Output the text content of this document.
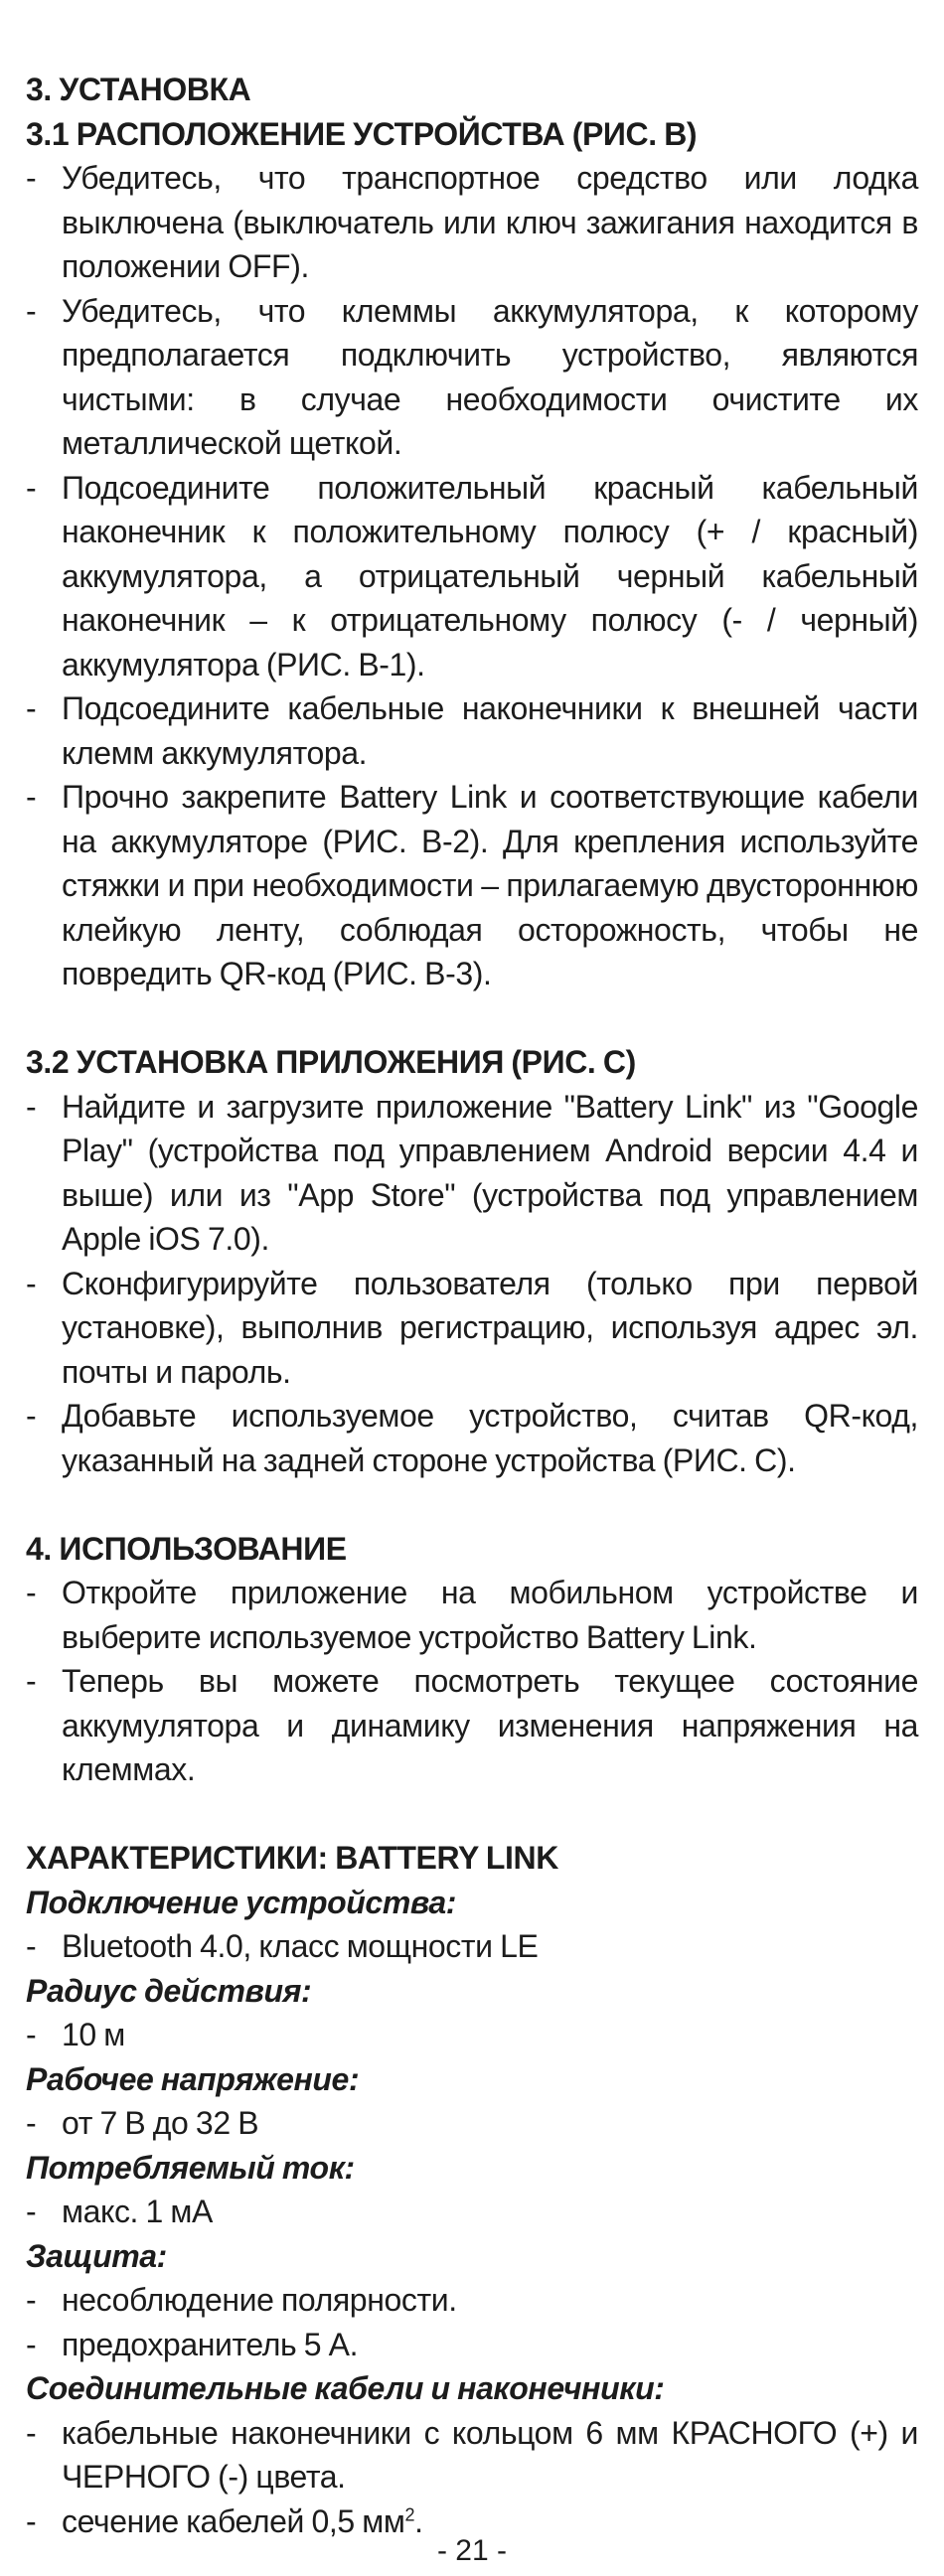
3. УСТАНОВКА

3.1 РАСПОЛОЖЕНИЕ УСТРОЙСТВА (РИС. В)

- Убедитесь, что транспортное средство или лодка выключена (выключатель или ключ зажигания находится в положении OFF).
- Убедитесь, что клеммы аккумулятора, к которому предполагается подключить устройство, являются чистыми: в случае необходимости очистите их металлической щеткой.
- Подсоедините положительный красный кабельный наконечник к положительному полюсу (+ / красный) аккумулятора, а отрицательный черный кабельный наконечник – к отрицательному полюсу (- / черный) аккумулятора (РИС. В-1).
- Подсоедините кабельные наконечники к внешней части клемм аккумулятора.
- Прочно закрепите Battery Link и соответствующие кабели на аккумуляторе (РИС. В-2). Для крепления используйте стяжки и при необходимости – прилагаемую двустороннюю клейкую ленту, соблюдая осторожность, чтобы не повредить QR-код (РИС. В-3).

3.2 УСТАНОВКА ПРИЛОЖЕНИЯ (РИС. С)

- Найдите и загрузите приложение "Battery Link" из "Google Play" (устройства под управлением Android версии 4.4 и выше) или из "App Store" (устройства под управлением Apple iOS 7.0).
- Сконфигурируйте пользователя (только при первой установке), выполнив регистрацию, используя адрес эл. почты и пароль.
- Добавьте используемое устройство, считав QR-код, указанный на задней стороне устройства (РИС. С).

4. ИСПОЛЬЗОВАНИЕ

- Откройте приложение на мобильном устройстве и выберите используемое устройство Battery Link.
- Теперь вы можете посмотреть текущее состояние аккумулятора и динамику изменения напряжения на клеммах.

ХАРАКТЕРИСТИКИ: BATTERY LINK

Подключение устройства:

- Bluetooth 4.0, класс мощности LE

Радиус действия:

- 10 м

Рабочее напряжение:

- от 7 В до 32 В

Потребляемый ток:

- макс. 1 мА

Защита:

- несоблюдение полярности.
- предохранитель 5 А.

Соединительные кабели и наконечники:

- кабельные наконечники с кольцом 6 мм КРАСНОГО (+) и ЧЕРНОГО (-) цвета.
- сечение кабелей 0,5 $мм^2$.
- 21 -
